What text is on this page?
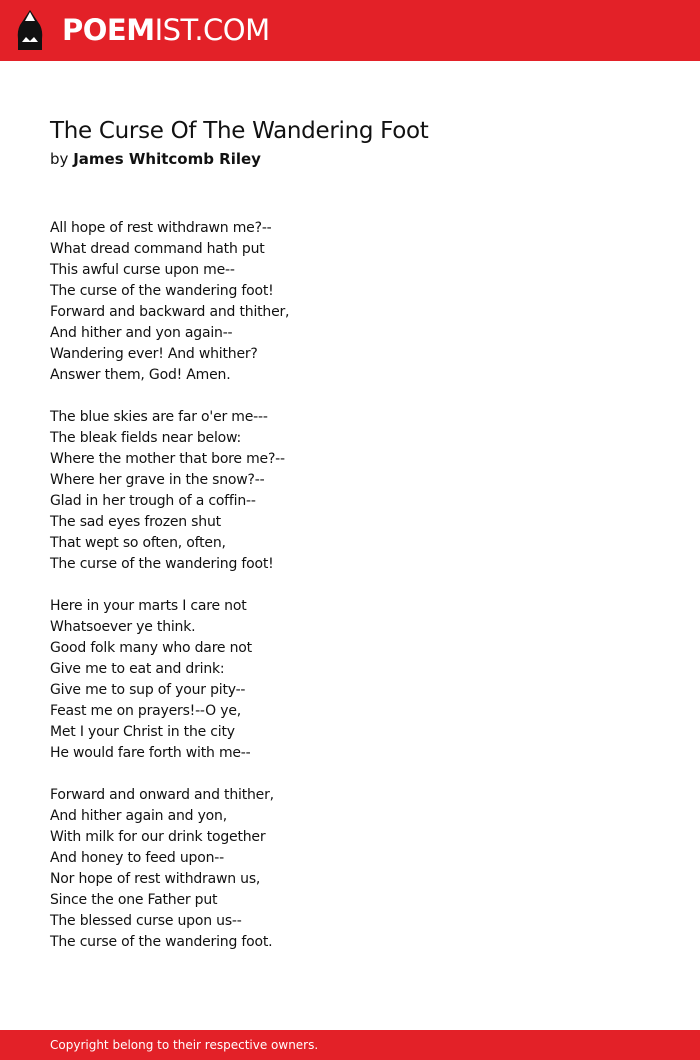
POEMIST.COM
The Curse Of The Wandering Foot
by James Whitcomb Riley
All hope of rest withdrawn me?--
What dread command hath put
This awful curse upon me--
The curse of the wandering foot!
Forward and backward and thither,
And hither and yon again--
Wandering ever! And whither?
Answer them, God! Amen.
The blue skies are far o'er me---
The bleak fields near below:
Where the mother that bore me?--
Where her grave in the snow?--
Glad in her trough of a coffin--
The sad eyes frozen shut
That wept so often, often,
The curse of the wandering foot!
Here in your marts I care not
Whatsoever ye think.
Good folk many who dare not
Give me to eat and drink:
Give me to sup of your pity--
Feast me on prayers!--O ye,
Met I your Christ in the city
He would fare forth with me--
Forward and onward and thither,
And hither again and yon,
With milk for our drink together
And honey to feed upon--
Nor hope of rest withdrawn us,
Since the one Father put
The blessed curse upon us--
The curse of the wandering foot.
Copyright belong to their respective owners.
